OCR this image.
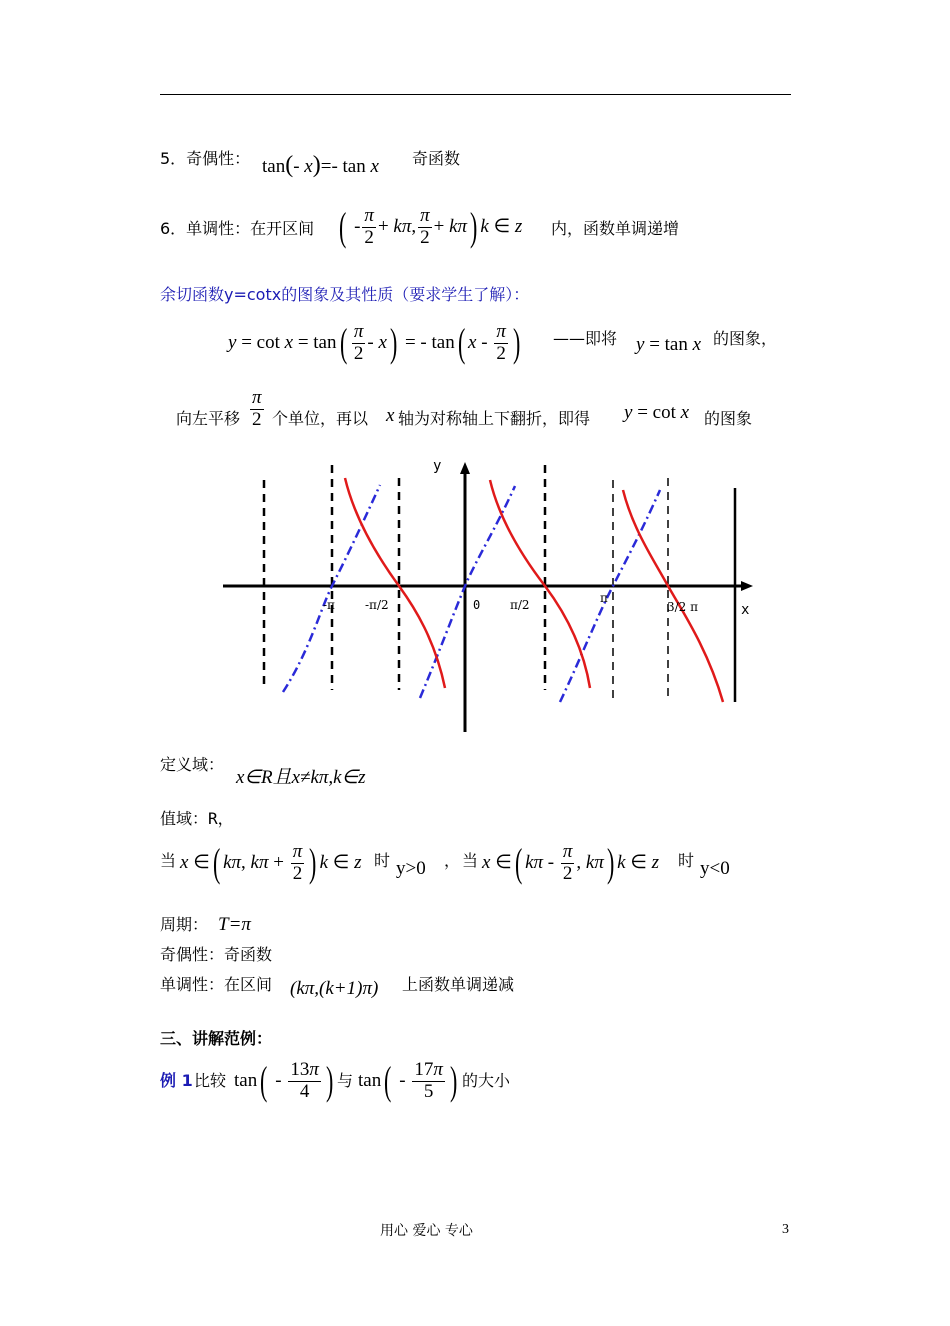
5．奇偶性： tan(- x)=- tan x 奇函数
6．单调性：在开区间 ( - $\frac{\pi}{2} + k\pi$, $\frac{\pi}{2} + k\pi$) k ∈ z 内，函数单调递增
余切函数y=cotx的图象及其性质（要求学生了解）：
$y = \cot x = \tan( \frac{\pi}{2} - x)$ = - tan( x - $\frac{\pi}{2}$ ) ——即将 y = tan x 的图象，
向左平移 $\frac{\pi}{2}$ 个单位，再以 x 轴为对称轴上下翻折，即得 y = cot x 的图象
y
x
-π	-π/2	0 π/2	π
3/2 π
定义域：
x∈R且x≠kπ,k∈z
值域：R，
当 x ∈( kπ, $k\pi + \frac{\pi}{2}$ ) k ∈ z 时 y>0 ， 当 x ∈( kπ - $\frac{\pi}{2}$ , kπ) k ∈ z 时 y<0
周期： T=π
奇偶性：奇函数
单调性：在区间 (kπ,(k+1)π) 上函数单调递减
三、讲解范例：
例 1 比较 $\tan( - \frac{13\pi}{4}$ ) 与 $\tan( - \frac{17\pi}{5}$ ) 的大小
用心 爱心 专心	3
